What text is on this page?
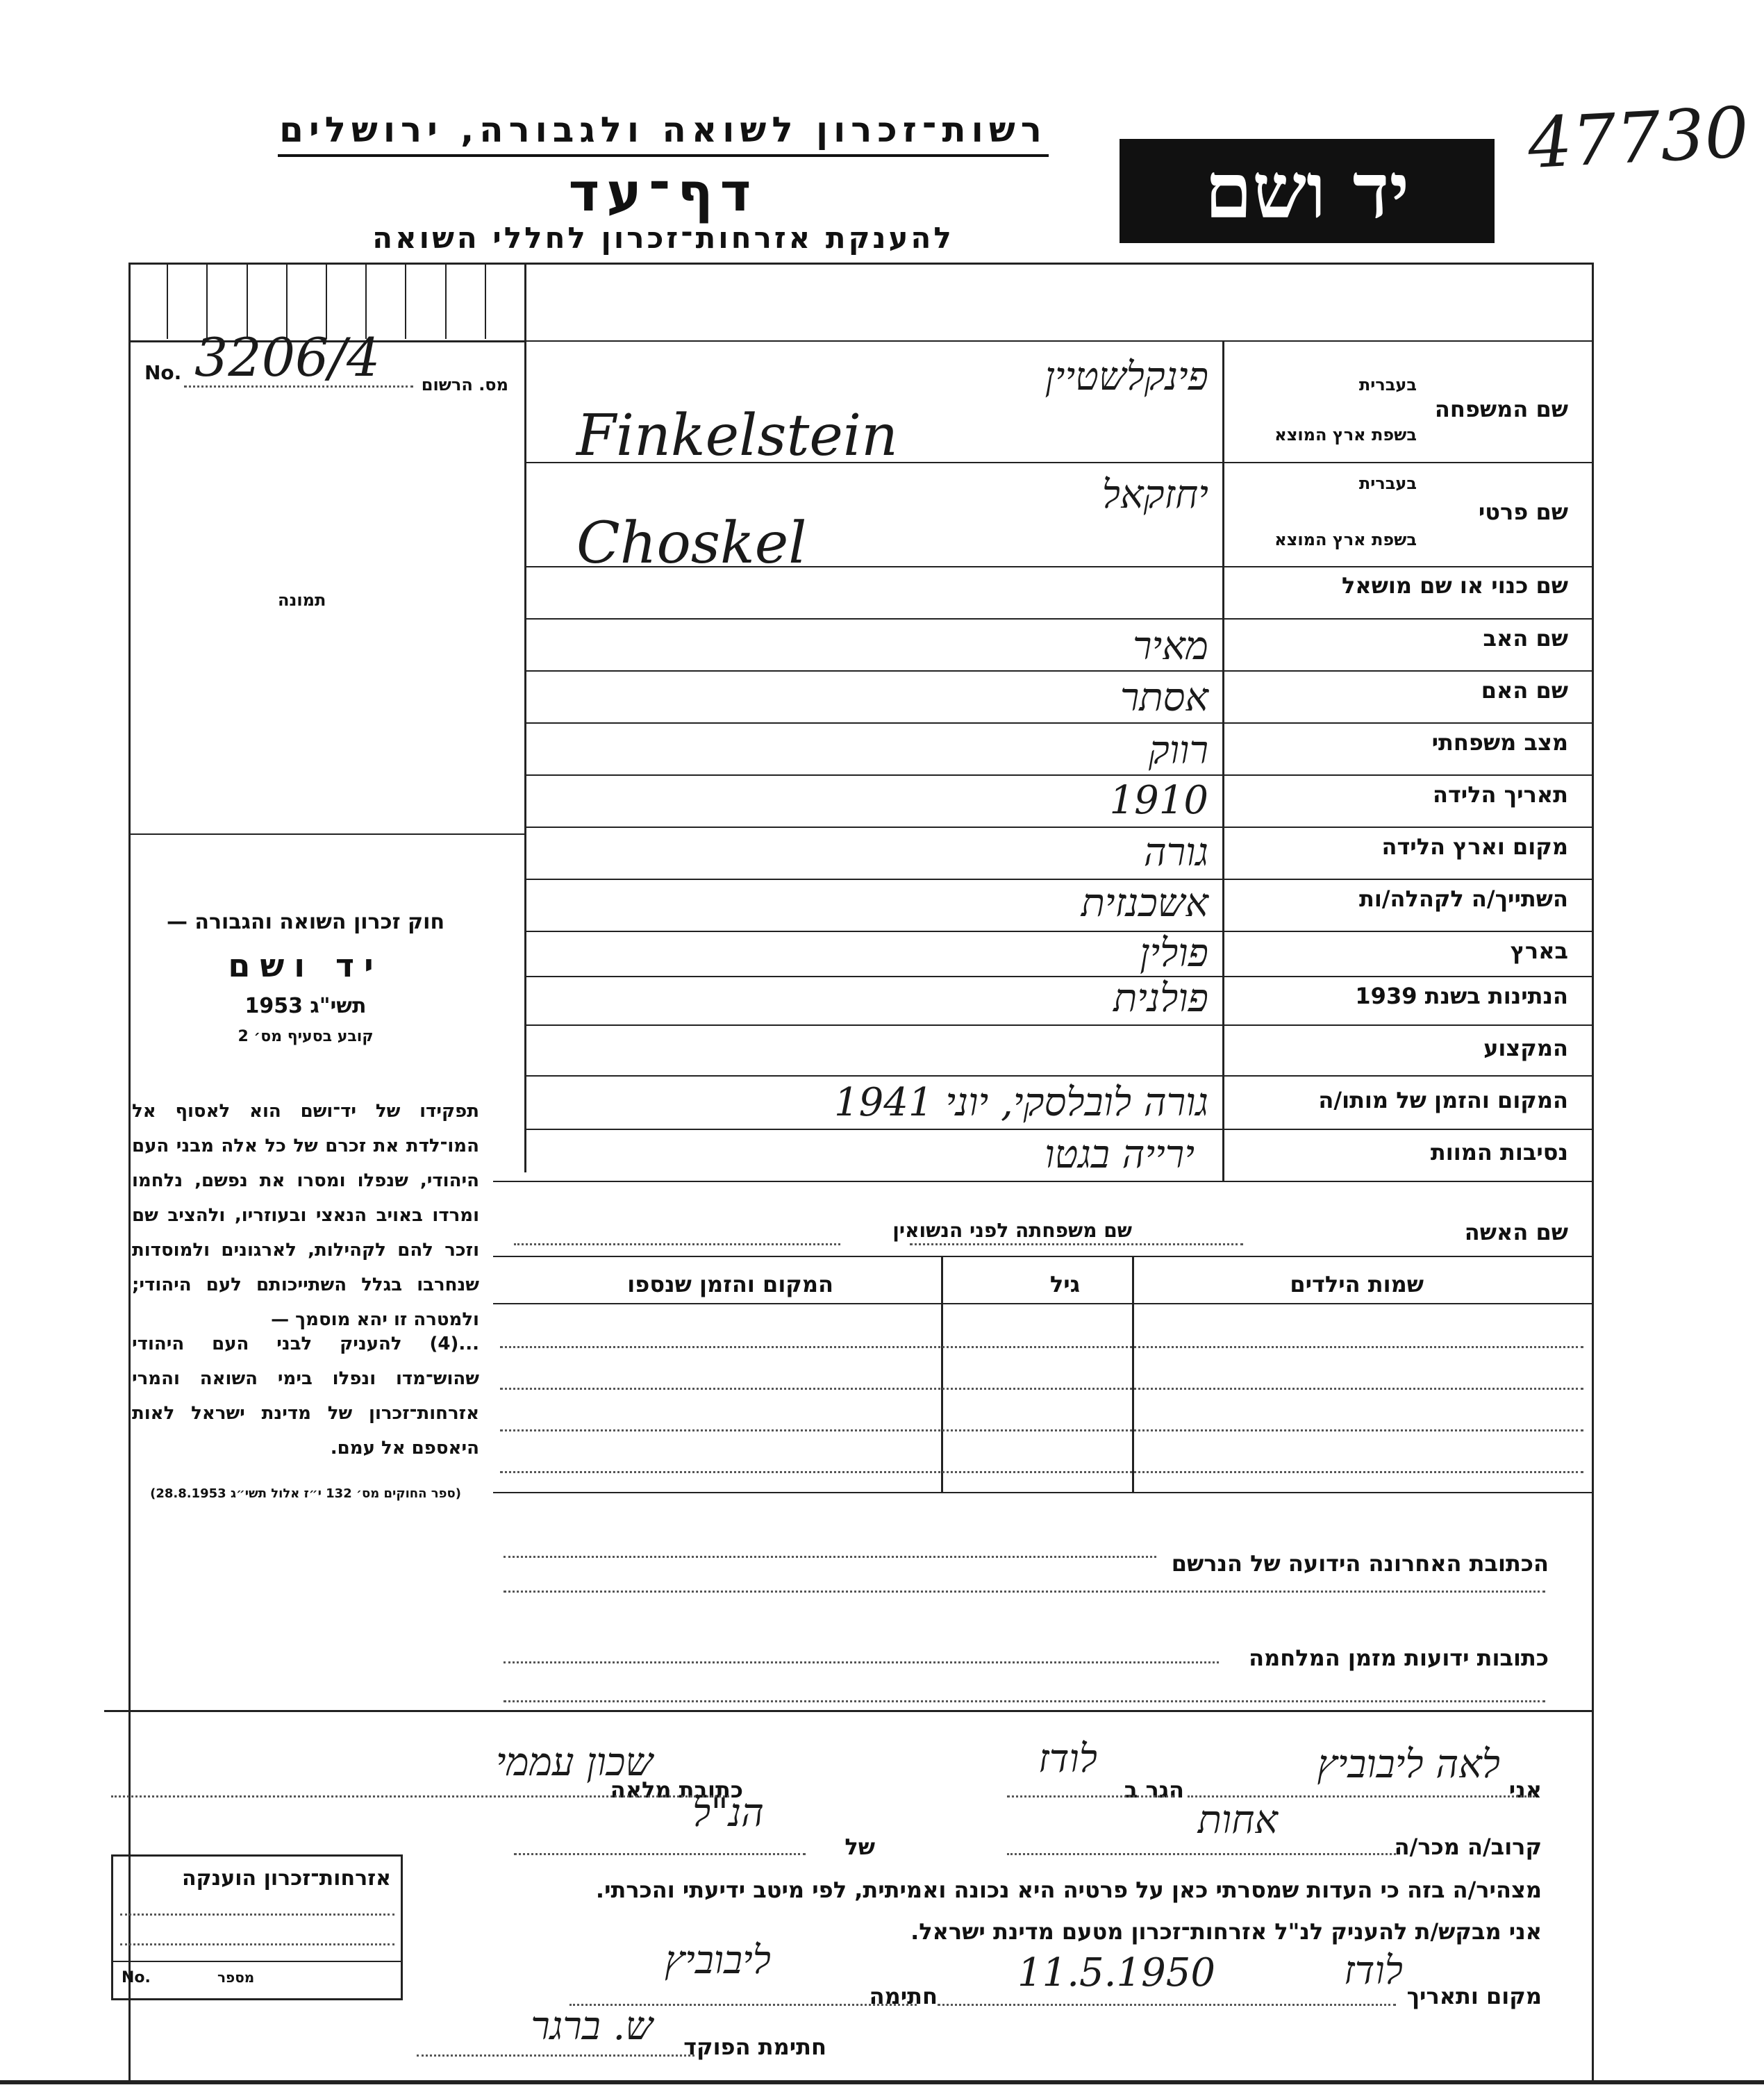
47730
רשות־זכרון לשואה ולגבורה, ירושלים
דף־עד
להענקת אזרחות־זכרון לחללי השואה
יד ושם
No. 3206/4 מס. הרשום
תמונה
שם המשפחה
בעברית
בשפת ארץ המוצא
שם פרטי
בעברית
בשפת ארץ המוצא
שם כנוי או שם מושאל
שם האב
שם האם
מצב משפחתי
תאריך הלידה
מקום וארץ הלידה
השתייך/ה לקהלה/ות
בארץ
הנתינות בשנת 1939
המקצוע
המקום והזמן של מותו/ה
נסיבות המוות
פינקלשטיין
Finkelstein
יחזקאל
Choskel
מאיר
אסתר
רווק
1910
גורה
אשכנזית
פולין
פולנית
גורה לובלסקי, יוני 1941
ירייה בגטו

חוק זכרון השואה והגבורה —

יד ושם

תשי"ג 1953

קובע בסעיף מס׳ 2

תפקידו של יד־ושם הוא לאסוף אל המו־לדת את זכרם של כל אלה מבני העם היהודי, שנפלו ומסרו את נפשם, נלחמו ומרדו באויב הנאצי ובעוזריו, ולהציב שם וזכר להם לקהילות, לארגונים ולמוסדות שנחרבו בגלל השתייכותם לעם היהודי; ולמטרה זו יהא מוסמך —
...(4) להעניק לבני העם היהודי שהוש־מדו ונפלו בימי השואה והמרי אזרחות־זכרון של מדינת ישראל לאות היאספם אל עמם.
(ספר החוקים מס׳ 132 י״ז אלול תשי״ג 28.8.1953)
שם האשה
שם משפחתה לפני הנשואין
שמות הילדים
גיל
המקום והזמן שנספו
הכתובת האחרונה הידועה של הנרשם
כתובות ידועות מזמן המלחמה
אני
לאה ליבוביץ
הגר ב
לודז
כתובת מלאה
שכון עממי
קרוב/ה מכר/ה
אחות
של
הנ"ל
מצהיר/ה בזה כי העדות שמסרתי כאן על פרטיה היא נכונה ואמיתית, לפי מיטב ידיעתי והכרתי.
אני מבקש/ת להעניק לנ"ל אזרחות־זכרון מטעם מדינת ישראל.
מקום ותאריך
לודז
11.5.1950
חתימה
ליבוביץ
חתימת הפוקד
ש. ברגר
אזרחות־זכרון הוענקה
No.	מספר
